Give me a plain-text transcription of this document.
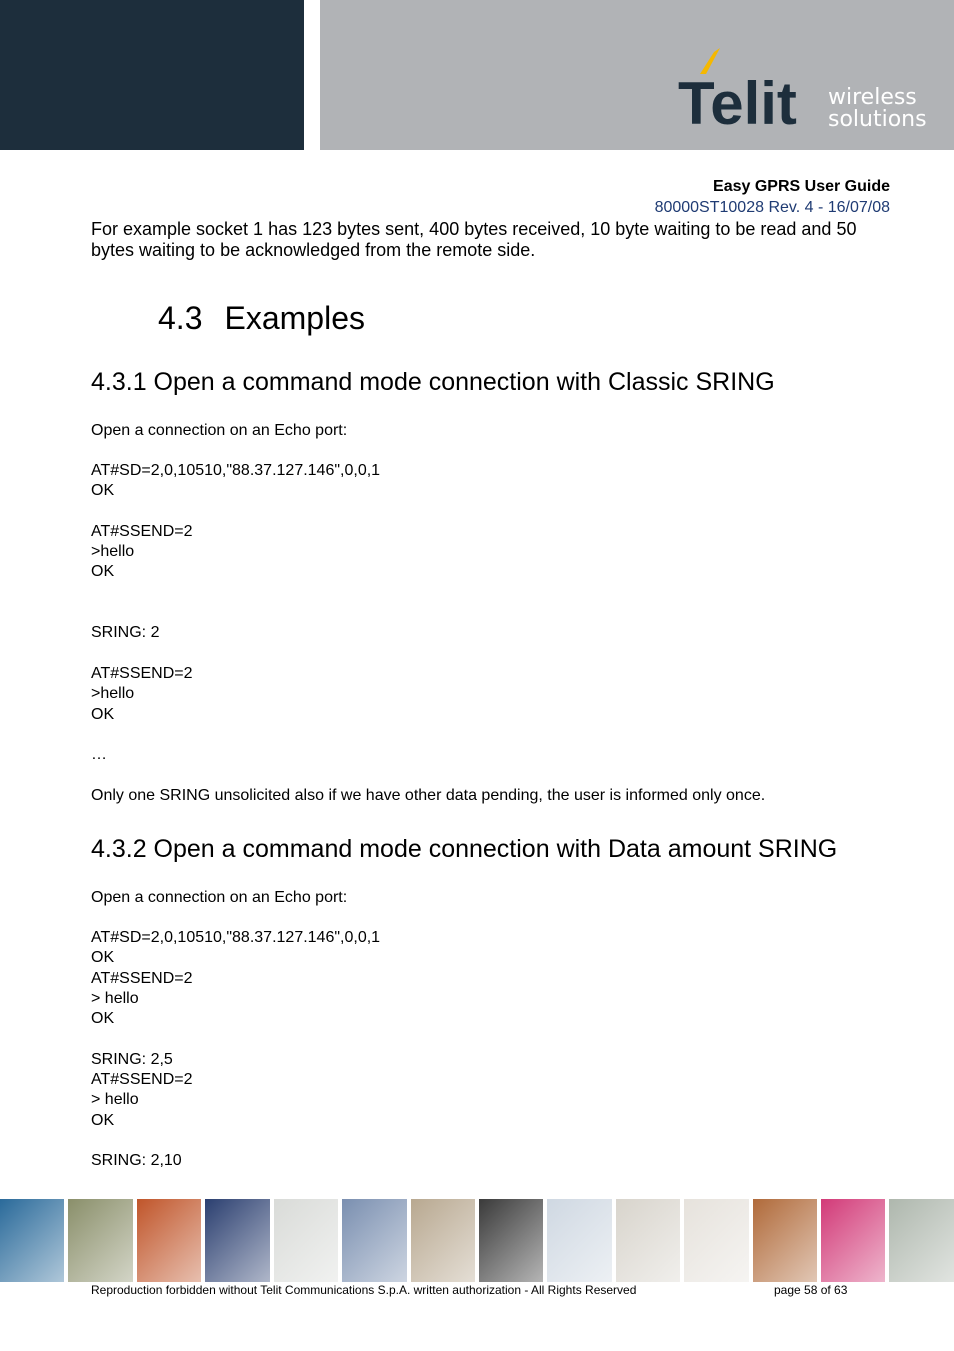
Telit wireless
solutions
Easy GPRS User Guide
80000ST10028 Rev. 4 - 16/07/08

For example socket 1 has 123 bytes sent, 400 bytes received, 10 byte waiting to be read and 50 bytes waiting to be acknowledged from the remote side.

4.3 Examples
4.3.1 Open a command mode connection with Classic SRING

Open a connection on an Echo port:

AT#SD=2,0,10510,"88.37.127.146",0,0,1
OK

AT#SSEND=2
>hello
OK

SRING: 2

AT#SSEND=2
>hello
OK

…

Only one SRING unsolicited also if we have other data pending, the user is informed only once.

4.3.2 Open a command mode connection with Data amount SRING

Open a connection on an Echo port:

AT#SD=2,0,10510,"88.37.127.146",0,0,1
OK
AT#SSEND=2
> hello
OK

SRING: 2,5
AT#SSEND=2
> hello
OK

SRING: 2,10

Reproduction forbidden without Telit Communications S.p.A. written authorization - All Rights Reserved	page 58 of 63
